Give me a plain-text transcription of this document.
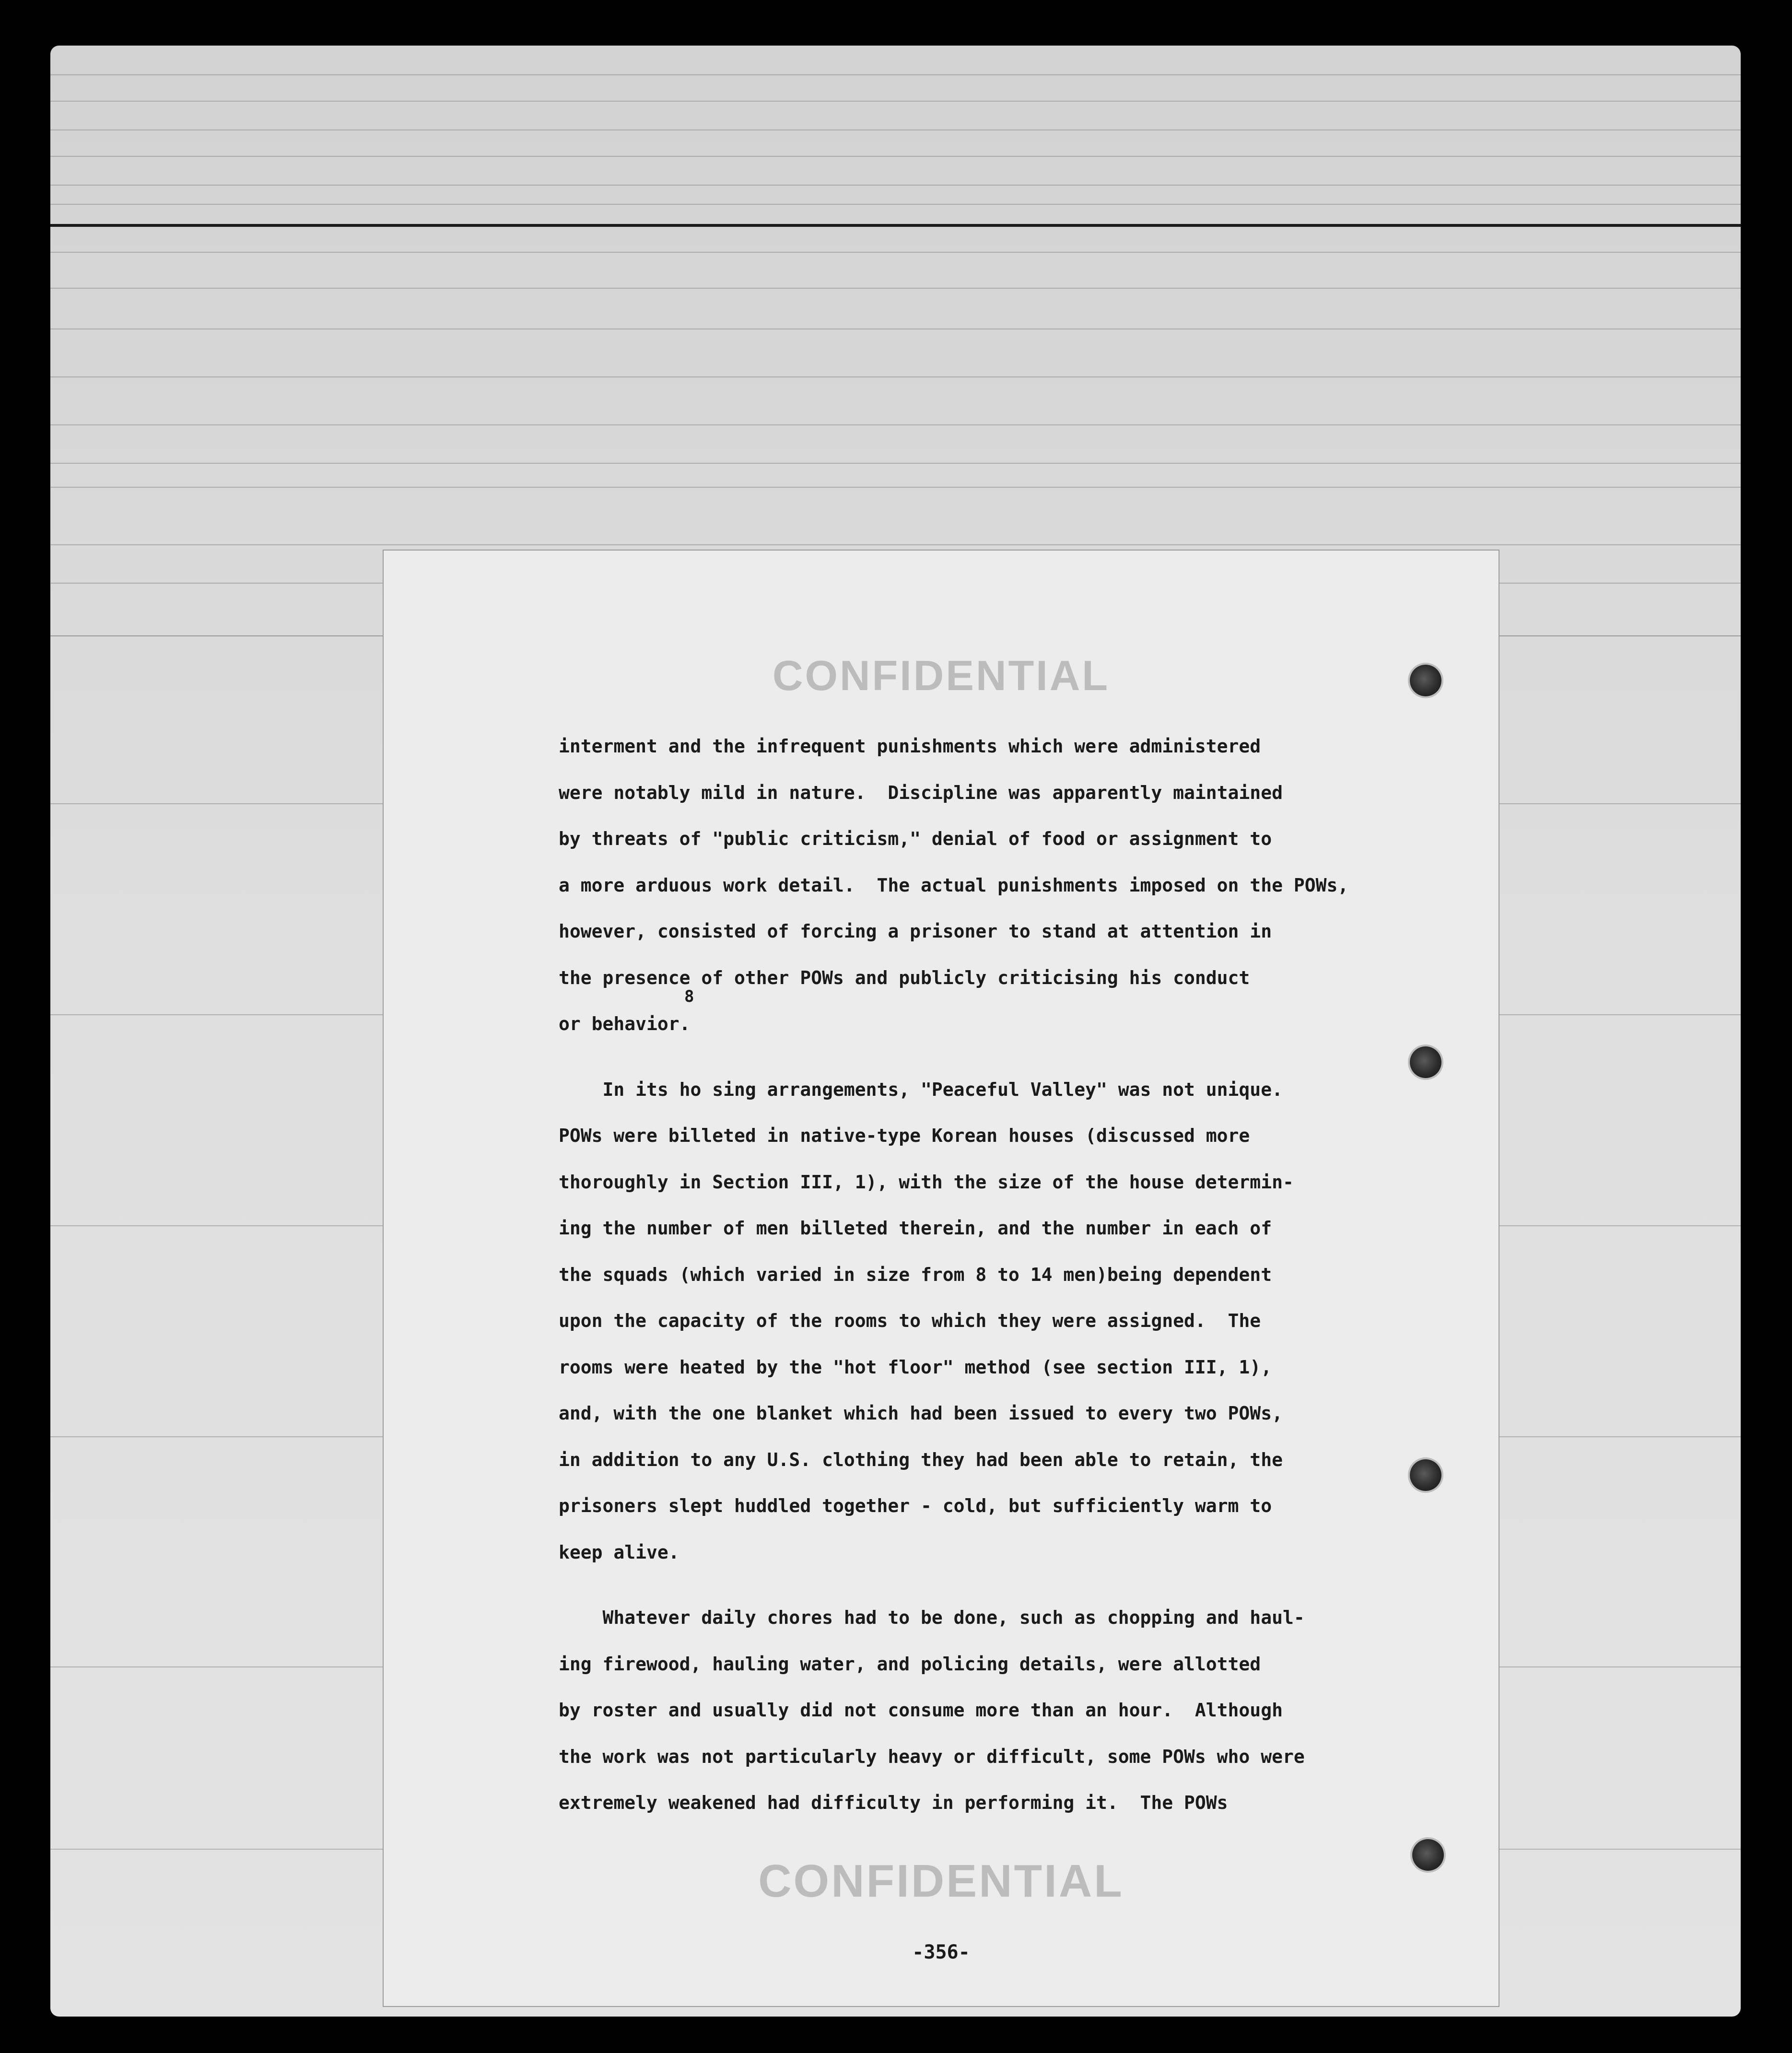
CONFIDENTIAL
interment and the infrequent punishments which were administered
were notably mild in nature.  Discipline was apparently maintained
by threats of "public criticism," denial of food or assignment to
a more arduous work detail.  The actual punishments imposed on the POWs,
however, consisted of forcing a prisoner to stand at attention in
the presence of other POWs and publicly criticising his conduct
or behavior.
In its ho sing arrangements, "Peaceful Valley" was not unique.
POWs were billeted in native-type Korean houses (discussed more
thoroughly in Section III, 1), with the size of the house determin-
ing the number of men billeted therein, and the number in each of
the squads (which varied in size from 8 to 14 men)being dependent
upon the capacity of the rooms to which they were assigned.  The
rooms were heated by the "hot floor" method (see section III, 1),
and, with the one blanket which had been issued to every two POWs,
in addition to any U.S. clothing they had been able to retain, the
prisoners slept huddled together - cold, but sufficiently warm to
keep alive.
Whatever daily chores had to be done, such as chopping and haul-
ing firewood, hauling water, and policing details, were allotted
by roster and usually did not consume more than an hour.  Although
the work was not particularly heavy or difficult, some POWs who were
extremely weakened had difficulty in performing it.  The POWs
8
CONFIDENTIAL
-356-
